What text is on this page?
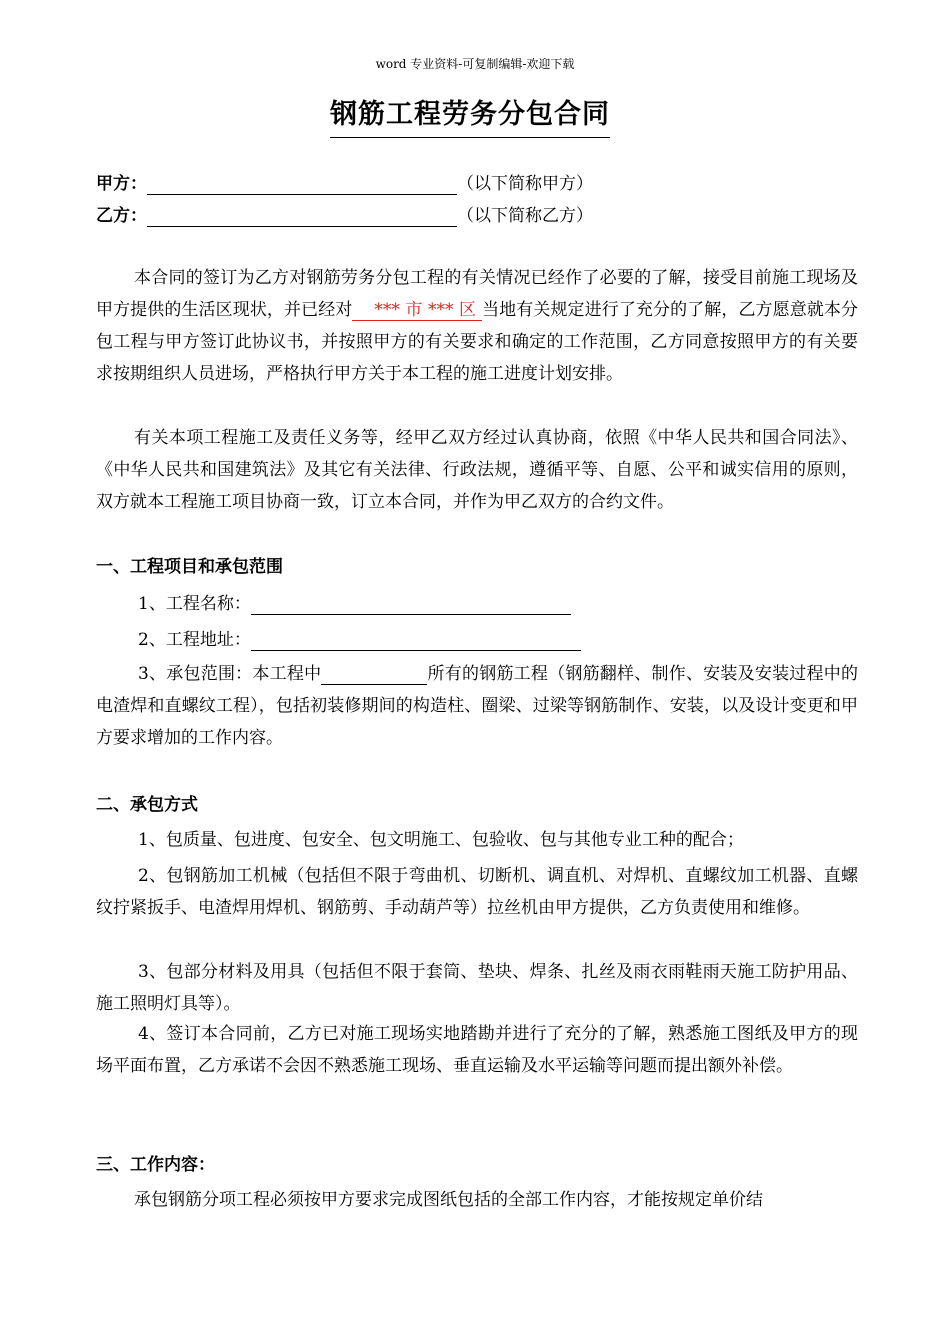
word 专业资料-可复制编辑-欢迎下载
钢筋工程劳务分包合同
甲方：	（以下简称甲方）
乙方：	（以下简称乙方）
本合同的签订为乙方对钢筋劳务分包工程的有关情况已经作了必要的了解，接受目前施工现场及甲方提供的生活区现状，并已经对 *** 市 *** 区 当地有关规定进行了充分的了解，乙方愿意就本分包工程与甲方签订此协议书，并按照甲方的有关要求和确定的工作范围，乙方同意按照甲方的有关要求按期组织人员进场，严格执行甲方关于本工程的施工进度计划安排。
有关本项工程施工及责任义务等，经甲乙双方经过认真协商，依照《中华人民共和国合同法》、《中华人民共和国建筑法》及其它有关法律、行政法规，遵循平等、自愿、公平和诚实信用的原则，双方就本工程施工项目协商一致，订立本合同，并作为甲乙双方的合约文件。
一、工程项目和承包范围
1、工程名称：
2、工程地址：
3、承包范围：本工程中	所有的钢筋工程（钢筋翻样、制作、安装及安装过程中的电渣焊和直螺纹工程），包括初装修期间的构造柱、圈梁、过梁等钢筋制作、安装，以及设计变更和甲方要求增加的工作内容。
二、承包方式
1、包质量、包进度、包安全、包文明施工、包验收、包与其他专业工种的配合；
2、包钢筋加工机械（包括但不限于弯曲机、切断机、调直机、对焊机、直螺纹加工机器、直螺纹拧紧扳手、电渣焊用焊机、钢筋剪、手动葫芦等）拉丝机由甲方提供，乙方负责使用和维修。
3、包部分材料及用具（包括但不限于套筒、垫块、焊条、扎丝及雨衣雨鞋雨天施工防护用品、施工照明灯具等）。
4、签订本合同前，乙方已对施工现场实地踏勘并进行了充分的了解，熟悉施工图纸及甲方的现场平面布置，乙方承诺不会因不熟悉施工现场、垂直运输及水平运输等问题而提出额外补偿。
三、工作内容：
承包钢筋分项工程必须按甲方要求完成图纸包括的全部工作内容，才能按规定单价结
